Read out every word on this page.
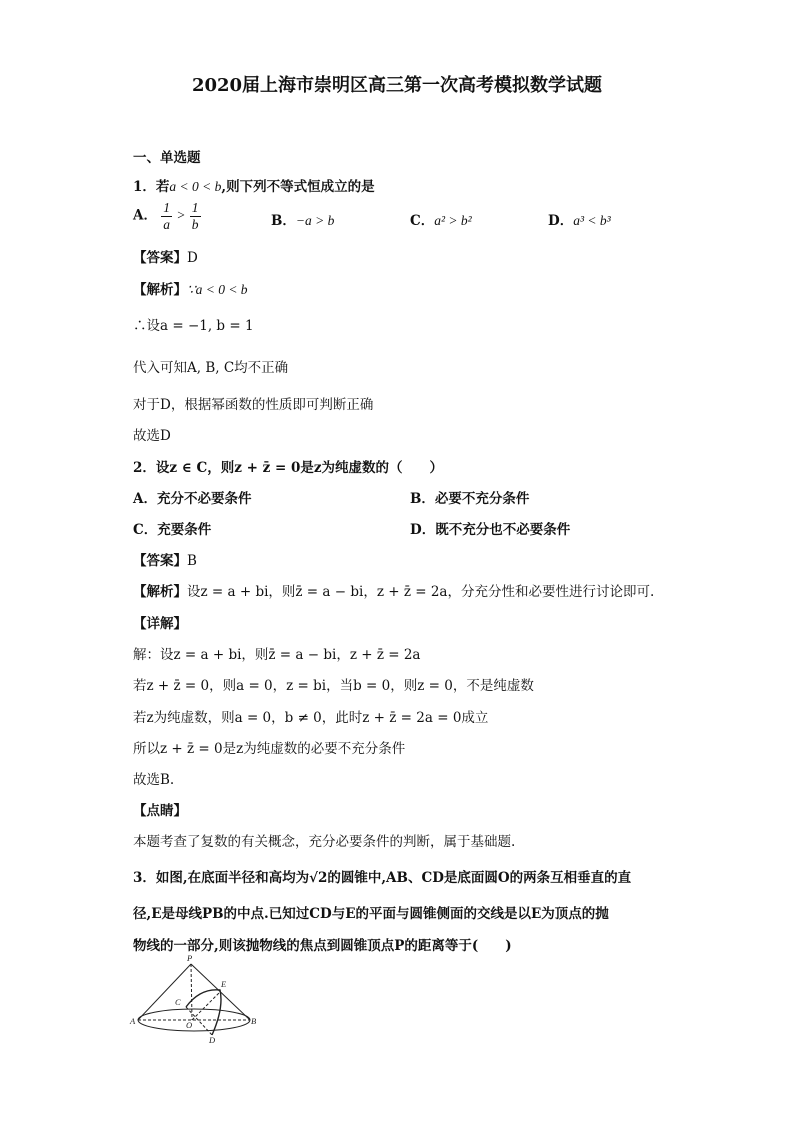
2020届上海市崇明区高三第一次高考模拟数学试题
一、单选题
1．若a < 0 < b,则下列不等式恒成立的是
A． $\frac{1}{a} > \frac{1}{b}$	B．−a > b	C．a² > b²	D．a³ < b³
【答案】D
【解析】∵a < 0 < b
∴设a = −1, b = 1
代入可知A, B, C均不正确
对于D，根据幂函数的性质即可判断正确
故选D
2．设z ∈ C，则z + z̄ = 0是z为纯虚数的（　　）
A．充分不必要条件	B．必要不充分条件
C．充要条件	D．既不充分也不必要条件
【答案】B
【解析】设z = a + bi，则z̄ = a − bi，z + z̄ = 2a，分充分性和必要性进行讨论即可.
【详解】
解：设z = a + bi，则z̄ = a − bi，z + z̄ = 2a
若z + z̄ = 0，则a = 0，z = bi，当b = 0，则z = 0，不是纯虚数
若z为纯虚数，则a = 0，b ≠ 0，此时z + z̄ = 2a = 0成立
所以z + z̄ = 0是z为纯虚数的必要不充分条件
故选B.
【点睛】
本题考查了复数的有关概念，充分必要条件的判断，属于基础题.
3．如图,在底面半径和高均为√2的圆锥中,AB、CD是底面圆O的两条互相垂直的直
径,E是母线PB的中点.已知过CD与E的平面与圆锥侧面的交线是以E为顶点的抛
物线的一部分,则该抛物线的焦点到圆锥顶点P的距离等于(　　)
P
A	B
C
D
E
O
